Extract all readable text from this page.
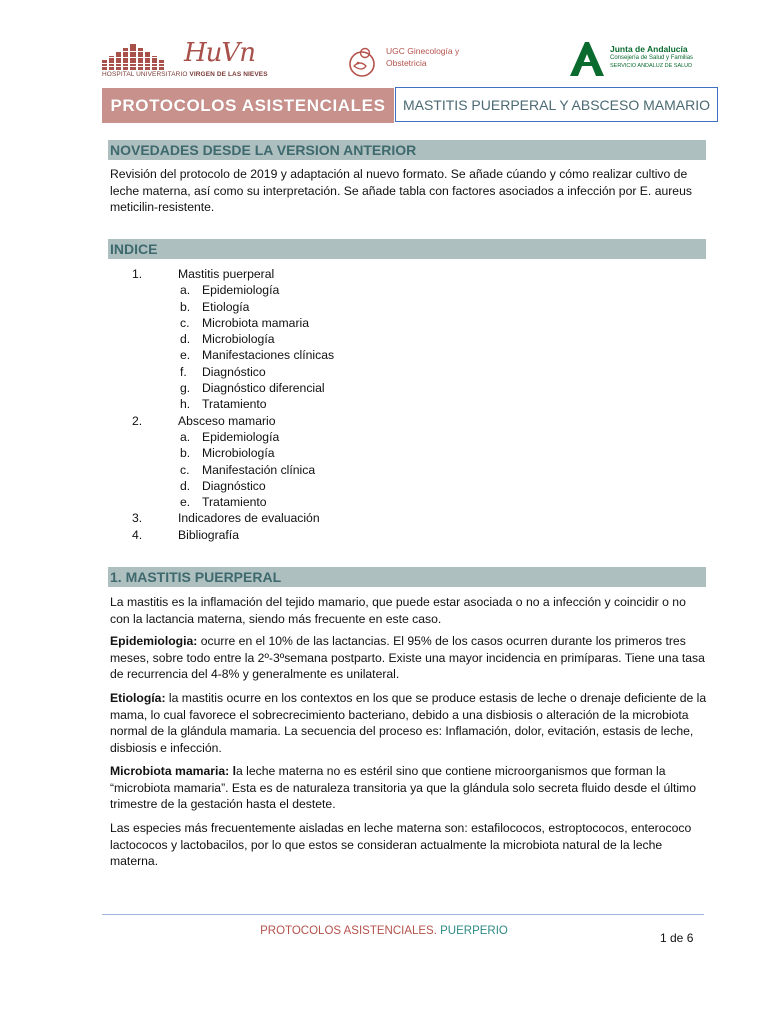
HuVn
HOSPITAL UNIVERSITARIO VIRGEN DE LAS NIEVES
UGC Ginecología y
Obstetricia
Junta de Andalucía
Consejería de Salud y Familias
SERVICIO ANDALUZ DE SALUD
PROTOCOLOS ASISTENCIALES	MASTITIS PUERPERAL Y ABSCESO MAMARIO
NOVEDADES DESDE LA VERSION ANTERIOR

Revisión del protocolo de 2019 y adaptación al nuevo formato. Se añade cúando y cómo realizar cultivo de leche materna, así como su interpretación. Se añade tabla con factores asociados a infección por E. aureus meticilin-resistente.

INDICE
1.	Mastitis puerperal
a. Epidemiología
b. Etiología
c. Microbiota mamaria
d. Microbiología
e. Manifestaciones clínicas
f. Diagnóstico
g. Diagnóstico diferencial
h. Tratamiento
2.	Absceso mamario
a. Epidemiología
b. Microbiología
c. Manifestación clínica
d. Diagnóstico
e. Tratamiento
3.	Indicadores de evaluación
4.	Bibliografía
1. MASTITIS PUERPERAL

La mastitis es la inflamación del tejido mamario, que puede estar asociada o no a infección y coincidir o no con la lactancia materna, siendo más frecuente en este caso.

Epidemiologia: ocurre en el 10% de las lactancias. El 95% de los casos ocurren durante los primeros tres meses, sobre todo entre la 2º-3ºsemana postparto. Existe una mayor incidencia en primíparas. Tiene una tasa de recurrencia del 4-8% y generalmente es unilateral.

Etiología: la mastitis ocurre en los contextos en los que se produce estasis de leche o drenaje deficiente de la mama, lo cual favorece el sobrecrecimiento bacteriano, debido a una disbiosis o alteración de la microbiota normal de la glándula mamaria. La secuencia del proceso es: Inflamación, dolor, evitación, estasis de leche, disbiosis e infección.

Microbiota mamaria: la leche materna no es estéril sino que contiene microorganismos que forman la “microbiota mamaria”. Esta es de naturaleza transitoria ya que la glándula solo secreta fluido desde el último trimestre de la gestación hasta el destete.

Las especies más frecuentemente aisladas en leche materna son: estafilococos, estroptococos, enterococo lactococos y lactobacilos, por lo que estos se consideran actualmente la microbiota natural de la leche materna.

PROTOCOLOS ASISTENCIALES. PUERPERIO	1 de 6
